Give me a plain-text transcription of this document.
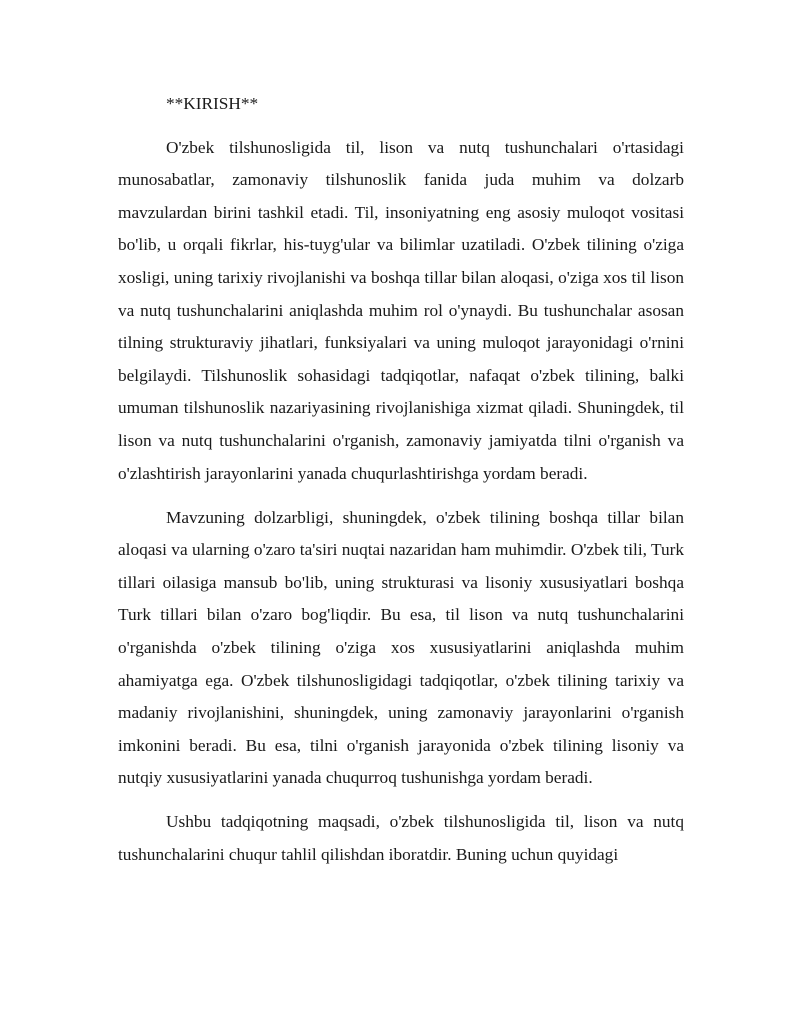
**KIRISH**

O'zbek tilshunosligida til, lison va nutq tushunchalari o'rtasidagi munosabatlar, zamonaviy tilshunoslik fanida juda muhim va dolzarb mavzulardan birini tashkil etadi. Til, insoniyatning eng asosiy muloqot vositasi bo'lib, u orqali fikrlar, his-tuyg'ular va bilimlar uzatiladi. O'zbek tilining o'ziga xosligi, uning tarixiy rivojlanishi va boshqa tillar bilan aloqasi, o'ziga xos til lison va nutq tushunchalarini aniqlashda muhim rol o'ynaydi. Bu tushunchalar asosan tilning strukturaviy jihatlari, funksiyalari va uning muloqot jarayonidagi o'rnini belgilaydi. Tilshunoslik sohasidagi tadqiqotlar, nafaqat o'zbek tilining, balki umuman tilshunoslik nazariyasining rivojlanishiga xizmat qiladi. Shuningdek, til lison va nutq tushunchalarini o'rganish, zamonaviy jamiyatda tilni o'rganish va o'zlashtirish jarayonlarini yanada chuqurlashtirishga yordam beradi.

Mavzuning dolzarbligi, shuningdek, o'zbek tilining boshqa tillar bilan aloqasi va ularning o'zaro ta'siri nuqtai nazaridan ham muhimdir. O'zbek tili, Turk tillari oilasiga mansub bo'lib, uning strukturasi va lisoniy xususiyatlari boshqa Turk tillari bilan o'zaro bog'liqdir. Bu esa, til lison va nutq tushunchalarini o'rganishda o'zbek tilining o'ziga xos xususiyatlarini aniqlashda muhim ahamiyatga ega. O'zbek tilshunosligidagi tadqiqotlar, o'zbek tilining tarixiy va madaniy rivojlanishini, shuningdek, uning zamonaviy jarayonlarini o'rganish imkonini beradi. Bu esa, tilni o'rganish jarayonida o'zbek tilining lisoniy va nutqiy xususiyatlarini yanada chuqurroq tushunishga yordam beradi.

Ushbu tadqiqotning maqsadi, o'zbek tilshunosligida til, lison va nutq tushunchalarini chuqur tahlil qilishdan iboratdir. Buning uchun quyidagi
